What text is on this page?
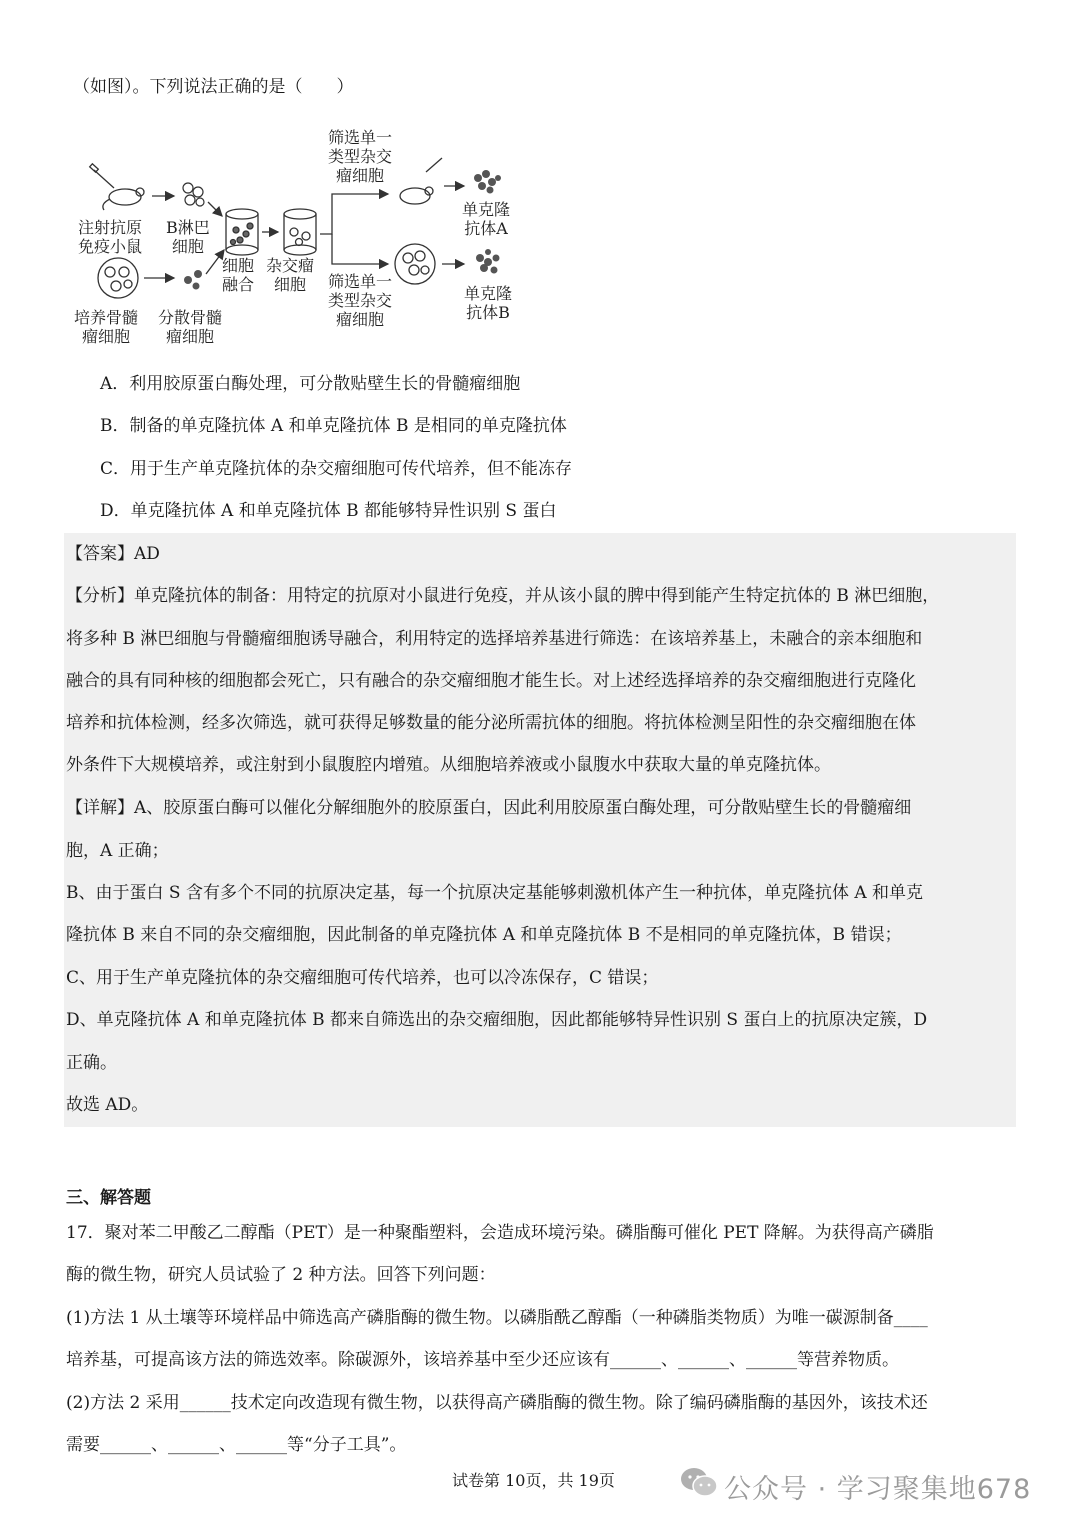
（如图）。下列说法正确的是（　　）
注射抗原
免疫小鼠
B淋巴
细胞
细胞
融合
杂交瘤
细胞
筛选单一
类型杂交
瘤细胞
筛选单一
类型杂交
瘤细胞
单克隆
抗体A
单克隆
抗体B
培养骨髓
瘤细胞
分散骨髓
瘤细胞
A．利用胶原蛋白酶处理，可分散贴壁生长的骨髓瘤细胞
B．制备的单克隆抗体 A 和单克隆抗体 B 是相同的单克隆抗体
C．用于生产单克隆抗体的杂交瘤细胞可传代培养，但不能冻存
D．单克隆抗体 A 和单克隆抗体 B 都能够特异性识别 S 蛋白
【答案】AD
【分析】单克隆抗体的制备：用特定的抗原对小鼠进行免疫，并从该小鼠的脾中得到能产生特定抗体的 B 淋巴细胞，
将多种 B 淋巴细胞与骨髓瘤细胞诱导融合，利用特定的选择培养基进行筛选：在该培养基上，未融合的亲本细胞和
融合的具有同种核的细胞都会死亡，只有融合的杂交瘤细胞才能生长。对上述经选择培养的杂交瘤细胞进行克隆化
培养和抗体检测，经多次筛选，就可获得足够数量的能分泌所需抗体的细胞。将抗体检测呈阳性的杂交瘤细胞在体
外条件下大规模培养，或注射到小鼠腹腔内增殖。从细胞培养液或小鼠腹水中获取大量的单克隆抗体。
【详解】A、胶原蛋白酶可以催化分解细胞外的胶原蛋白，因此利用胶原蛋白酶处理，可分散贴壁生长的骨髓瘤细
胞，A 正确；
B、由于蛋白 S 含有多个不同的抗原决定基，每一个抗原决定基能够刺激机体产生一种抗体，单克隆抗体 A 和单克
隆抗体 B 来自不同的杂交瘤细胞，因此制备的单克隆抗体 A 和单克隆抗体 B 不是相同的单克隆抗体，B 错误；
C、用于生产单克隆抗体的杂交瘤细胞可传代培养，也可以冷冻保存，C 错误；
D、单克隆抗体 A 和单克隆抗体 B 都来自筛选出的杂交瘤细胞，因此都能够特异性识别 S 蛋白上的抗原决定簇，D
正确。
故选 AD。
三、解答题
17．聚对苯二甲酸乙二醇酯（PET）是一种聚酯塑料，会造成环境污染。磷脂酶可催化 PET 降解。为获得高产磷脂
酶的微生物，研究人员试验了 2 种方法。回答下列问题：
(1)方法 1 从土壤等环境样品中筛选高产磷脂酶的微生物。以磷脂酰乙醇酯（一种磷脂类物质）为唯一碳源制备____
培养基，可提高该方法的筛选效率。除碳源外，该培养基中至少还应该有______、______、______等营养物质。
(2)方法 2 采用______技术定向改造现有微生物，以获得高产磷脂酶的微生物。除了编码磷脂酶的基因外，该技术还
需要______、______、______等“分子工具”。
试卷第 10页，共 19页	公众号 · 学习聚集地678
